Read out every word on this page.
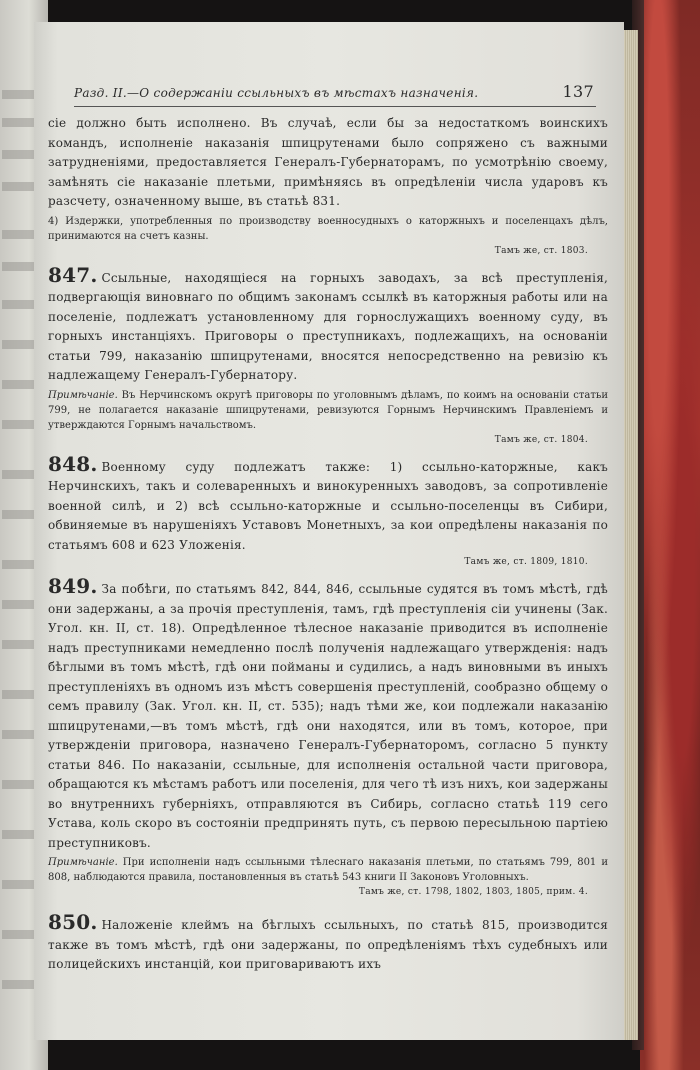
Разд. II.—О содержаніи ссыльныхъ въ мѣстахъ назначенія.	137

сіе должно быть исполнено. Въ случаѣ, если бы за недостаткомъ воинскихъ командъ, исполненіе наказанія шпицрутенами было сопряжено съ важными затрудненіями, предоставляется Генералъ-Губернаторамъ, по усмотрѣнію своему, замѣнять сіе наказаніе плетьми, примѣняясь въ опредѣленіи числа ударовъ къ разсчету, означенному выше, въ статьѣ 831.

4) Издержки, употребленныя по производству военносудныхъ о каторжныхъ и поселенцахъ дѣлъ, принимаются на счетъ казны.

Тамъ же, ст. 1803.

847. Ссыльные, находящіеся на горныхъ заводахъ, за всѣ преступленія, подвергающія виновнаго по общимъ законамъ ссылкѣ въ каторжныя работы или на поселеніе, подлежатъ установленному для горнослужащихъ военному суду, въ горныхъ инстанціяхъ. Приговоры о преступникахъ, подлежащихъ, на основаніи статьи 799, наказанію шпицрутенами, вносятся непосредственно на ревизію къ надлежащему Генералъ-Губернатору.

Примѣчаніе. Въ Нерчинскомъ округѣ приговоры по уголовнымъ дѣламъ, по коимъ на основаніи статьи 799, не полагается наказаніе шпицрутенами, ревизуются Горнымъ Нерчинскимъ Правленіемъ и утверждаются Горнымъ начальствомъ.

Тамъ же, ст. 1804.

848. Военному суду подлежатъ также: 1) ссыльно-каторжные, какъ Нерчинскихъ, такъ и солеваренныхъ и винокуренныхъ заводовъ, за сопротивленіе военной силѣ, и 2) всѣ ссыльно-каторжные и ссыльно-поселенцы въ Сибири, обвиняемые въ нарушеніяхъ Уставовъ Монетныхъ, за кои опредѣлены наказанія по статьямъ 608 и 623 Уложенія.

Тамъ же, ст. 1809, 1810.

849. За побѣги, по статьямъ 842, 844, 846, ссыльные судятся въ томъ мѣстѣ, гдѣ они задержаны, а за прочія преступленія, тамъ, гдѣ преступленія сіи учинены (Зак. Угол. кн. II, ст. 18). Опредѣленное тѣлесное наказаніе приводится въ исполненіе надъ преступниками немедленно послѣ полученія надлежащаго утвержденія: надъ бѣглыми въ томъ мѣстѣ, гдѣ они пойманы и судились, а надъ виновными въ иныхъ преступленіяхъ въ одномъ изъ мѣстъ совершенія преступленій, сообразно общему о семъ правилу (Зак. Угол. кн. II, ст. 535); надъ тѣми же, кои подлежали наказанію шпицрутенами,—въ томъ мѣстѣ, гдѣ они находятся, или въ томъ, которое, при утвержденіи приговора, назначено Генералъ-Губернаторомъ, согласно 5 пункту статьи 846. По наказаніи, ссыльные, для исполненія остальной части приговора, обращаются къ мѣстамъ работъ или поселенія, для чего тѣ изъ нихъ, кои задержаны во внутреннихъ губерніяхъ, отправляются въ Сибирь, согласно статьѣ 119 сего Устава, коль скоро въ состояніи предпринять путь, съ первою пересыльною партіею преступниковъ.

Примѣчаніе. При исполненіи надъ ссыльными тѣлеснаго наказанія плетьми, по статьямъ 799, 801 и 808, наблюдаются правила, постановленныя въ статьѣ 543 книги II Законовъ Уголовныхъ.

Тамъ же, ст. 1798, 1802, 1803, 1805, прим. 4.

850. Наложеніе клеймъ на бѣглыхъ ссыльныхъ, по статьѣ 815, производится также въ томъ мѣстѣ, гдѣ они задержаны, по опредѣленіямъ тѣхъ судебныхъ или полицейскихъ инстанцій, кои приговариваютъ ихъ
